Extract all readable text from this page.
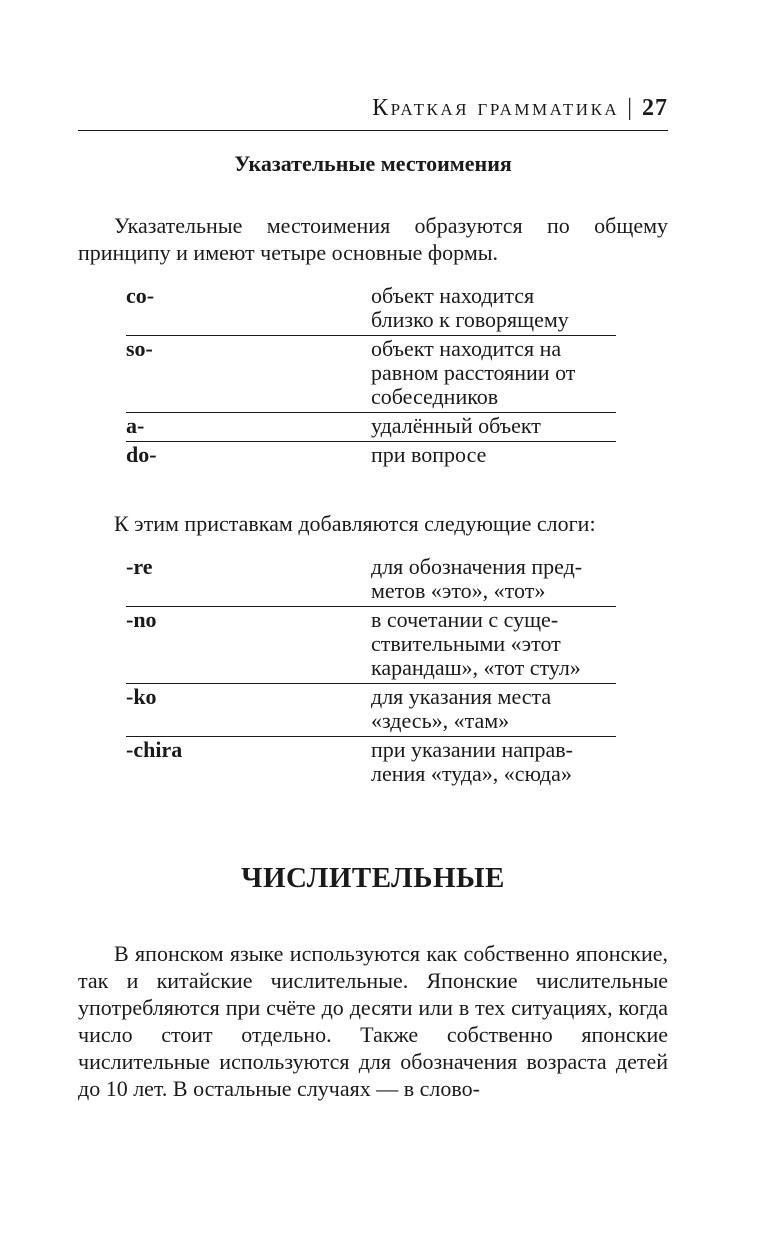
Краткая грамматика | 27
Указательные местоимения

Указательные местоимения образуются по общему принципу и имеют четыре основные формы.

co-	объект находится
близко к говорящему
so-	объект находится на
равном расстоянии от
собеседников
a-	удалённый объект
do-	при вопросе

К этим приставкам добавляются следующие слоги:

-re	для обозначения пред-
метов «это», «тот»
-no	в сочетании с суще-
ствительными «этот
карандаш», «тот стул»
-ko	для указания места
«здесь», «там»
-chira	при указании направ-
ления «туда», «сюда»
ЧИСЛИТЕЛЬНЫЕ

В японском языке используются как собственно японские, так и китайские числительные. Японские числительные употребляются при счёте до десяти или в тех ситуациях, когда число стоит отдельно. Также собственно японские числительные используются для обозначения возраста детей до 10 лет. В остальные случаях — в слово-
